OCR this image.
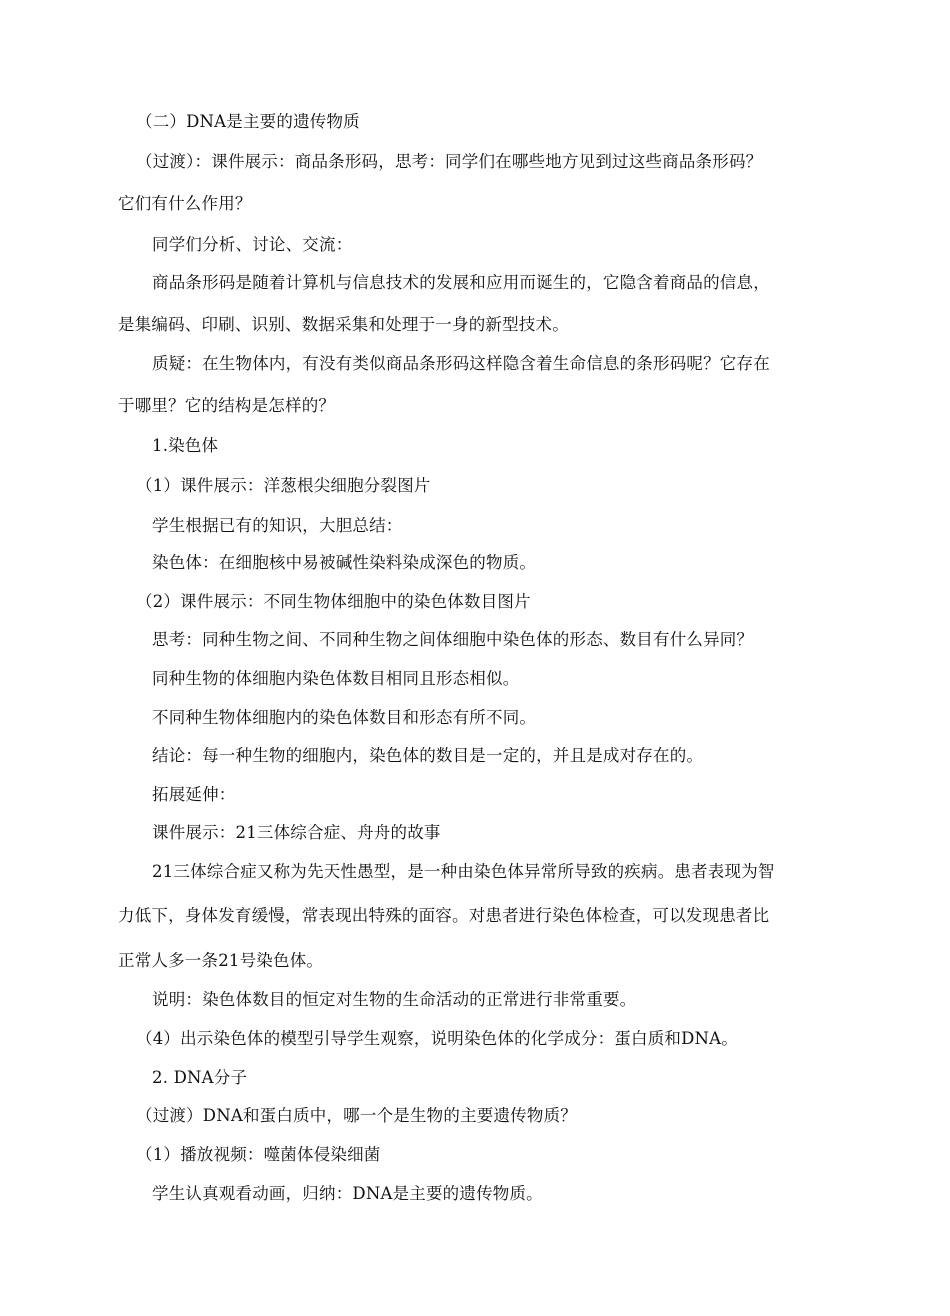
（二）DNA是主要的遗传物质
（过渡）：课件展示：商品条形码，思考：同学们在哪些地方见到过这些商品条形码？
它们有什么作用？
同学们分析、讨论、交流：
商品条形码是随着计算机与信息技术的发展和应用而诞生的，它隐含着商品的信息，
是集编码、印刷、识别、数据采集和处理于一身的新型技术。
质疑：在生物体内，有没有类似商品条形码这样隐含着生命信息的条形码呢？它存在
于哪里？它的结构是怎样的？
1.染色体
（1）课件展示：洋葱根尖细胞分裂图片
学生根据已有的知识，大胆总结：
染色体：在细胞核中易被碱性染料染成深色的物质。
（2）课件展示：不同生物体细胞中的染色体数目图片
思考：同种生物之间、不同种生物之间体细胞中染色体的形态、数目有什么异同？
同种生物的体细胞内染色体数目相同且形态相似。
不同种生物体细胞内的染色体数目和形态有所不同。
结论：每一种生物的细胞内，染色体的数目是一定的，并且是成对存在的。
拓展延伸：
课件展示：21三体综合症、舟舟的故事
21三体综合症又称为先天性愚型，是一种由染色体异常所导致的疾病。患者表现为智
力低下，身体发育缓慢，常表现出特殊的面容。对患者进行染色体检查，可以发现患者比
正常人多一条21号染色体。
说明：染色体数目的恒定对生物的生命活动的正常进行非常重要。
（4）出示染色体的模型引导学生观察，说明染色体的化学成分：蛋白质和DNA。
2. DNA分子
（过渡）DNA和蛋白质中，哪一个是生物的主要遗传物质？
（1）播放视频：噬菌体侵染细菌
学生认真观看动画，归纳：DNA是主要的遗传物质。
